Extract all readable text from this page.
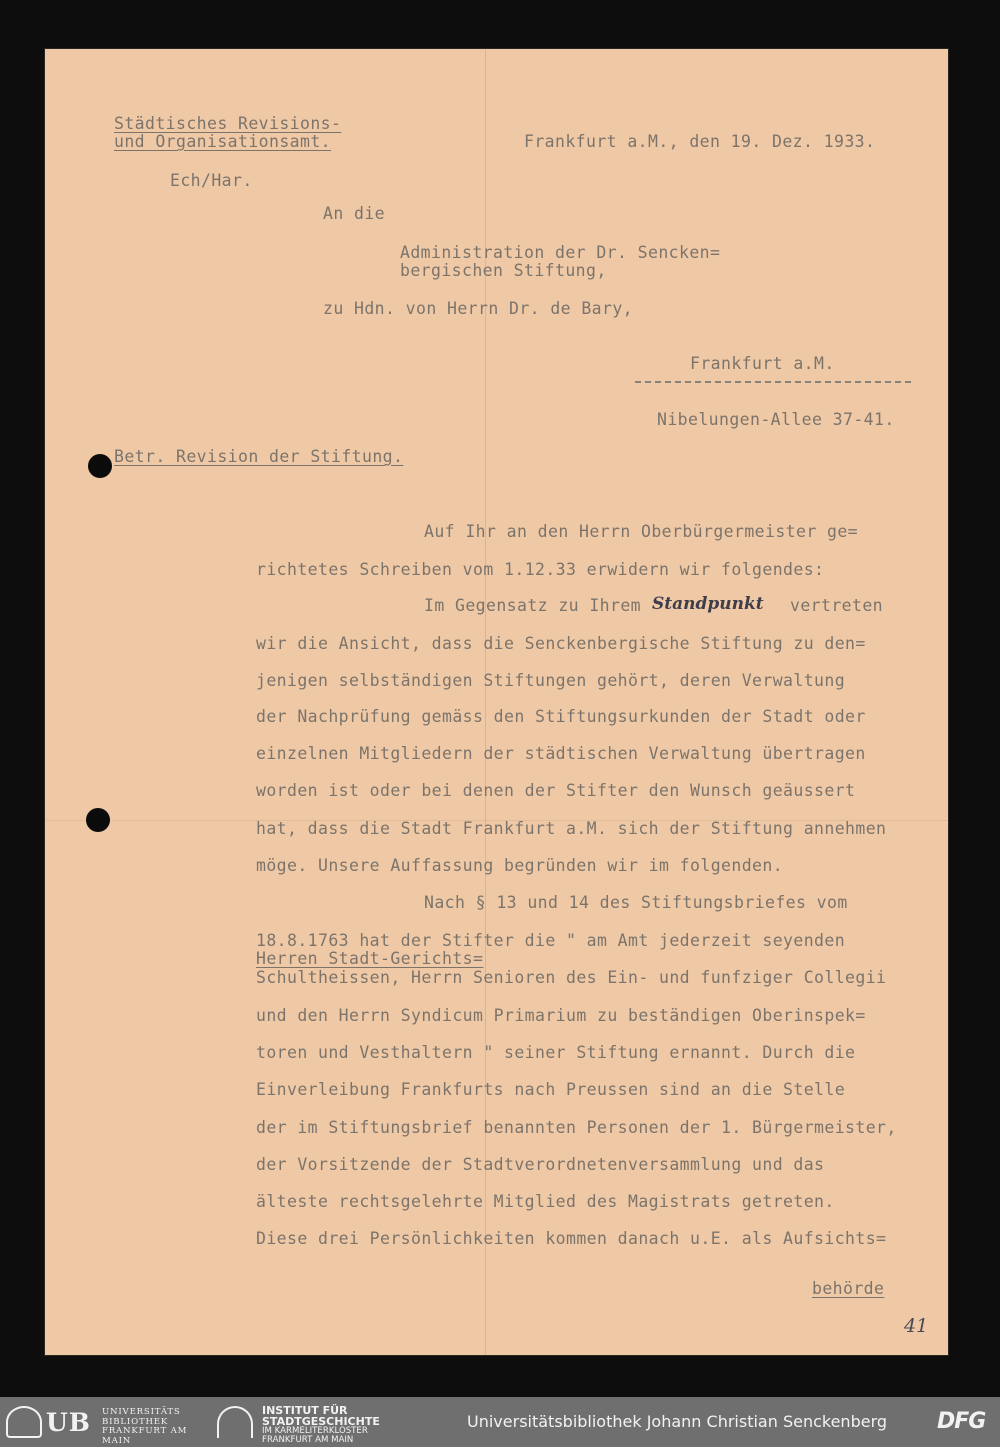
Städtisches Revisions-
und Organisationsamt.	Frankfurt a.M., den 19. Dez. 1933.
Ech/Har.
An die
Administration der Dr. Sencken=
bergischen Stiftung,
zu Hdn. von Herrn Dr. de Bary,
Frankfurt a.M.
Nibelungen-Allee 37-41.
Betr. Revision der Stiftung.
Auf Ihr an den Herrn Oberbürgermeister ge=
richtetes Schreiben vom 1.12.33 erwidern wir folgendes:
Im Gegensatz zu Ihrem Standpunkt vertreten
wir die Ansicht, dass die Senckenbergische Stiftung zu den=
jenigen selbständigen Stiftungen gehört, deren Verwaltung
der Nachprüfung gemäss den Stiftungsurkunden der Stadt oder
einzelnen Mitgliedern der städtischen Verwaltung übertragen
worden ist oder bei denen der Stifter den Wunsch geäussert
hat, dass die Stadt Frankfurt a.M. sich der Stiftung annehmen
möge. Unsere Auffassung begründen wir im folgenden.
Nach § 13 und 14 des Stiftungsbriefes vom
18.8.1763 hat der Stifter die " am Amt jederzeit seyenden
Herren Stadt-Gerichts=
Schultheissen, Herrn Senioren des Ein- und funfziger Collegii
und den Herrn Syndicum Primarium zu beständigen Oberinspek=
toren und Vesthaltern " seiner Stiftung ernannt. Durch die
Einverleibung Frankfurts nach Preussen sind an die Stelle
der im Stiftungsbrief benannten Personen der 1. Bürgermeister,
der Vorsitzende der Stadtverordnetenversammlung und das
älteste rechtsgelehrte Mitglied des Magistrats getreten.
Diese drei Persönlichkeiten kommen danach u.E. als Aufsichts=
behörde
41
UB UNIVERSITÄTS
BIBLIOTHEK
FRANKFURT AM MAIN
INSTITUT FÜR
STADTGESCHICHTE
IM KARMELITERKLOSTER
FRANKFURT AM MAIN
Universitätsbibliothek Johann Christian Senckenberg DFG
